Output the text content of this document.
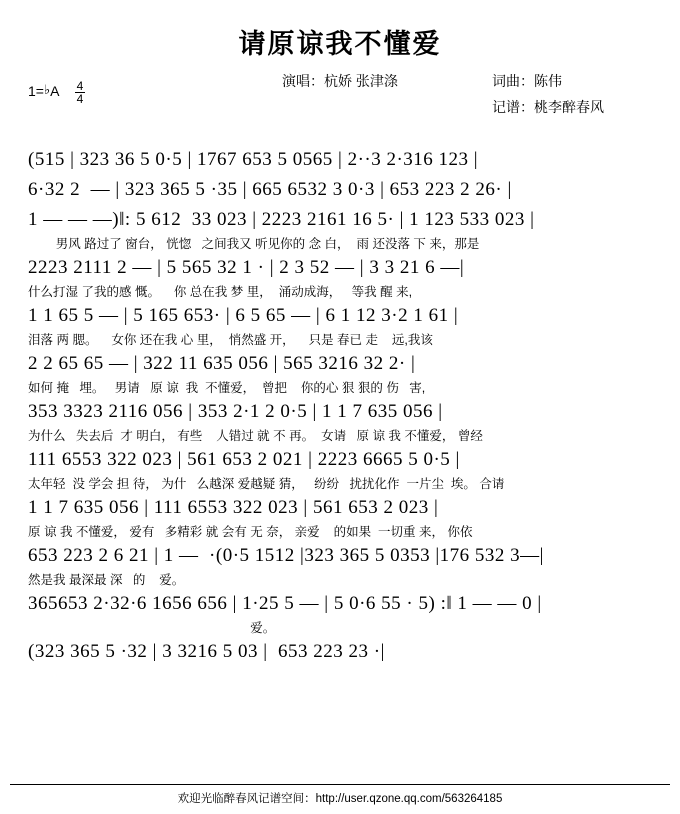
请原谅我不懂爱
演唱：杭娇 张津涤	词曲：陈伟
记谱：桃李醉春风
1=♭A $\frac{4}{4}$
(515 | 323 36 5 0·5 | 1767 653 5 0565 | 2··3 2·316 123 |
6·32 2  — | 323 365 5 ·35 | 665 6532 3 0·3 | 653 223 2 26· |
1 — — —)‖: 5 612  33 023 | 2223 2161 16 5· | 1 123 533 023 |
男风 路过了 窗台， 恍惚   之间我又 听见你的 念 白，  雨 还没落 下 来，那是
2223 2111 2 — | 5 565 32 1 · | 2 3 52 — | 3 3 21 6 —|
什么打湿 了我的感 慨。    你 总在我 梦 里，  涌动成海，   等我 醒 来,
1 1 65 5 — | 5 165 653· | 6 5 65 — | 6 1 12 3·2 1 61 |
泪落 两 腮。    女你 还在我 心 里，  悄然盛 开，    只是 春已 走    远,我该
2 2 65 65 — | 322 11 635 056 | 565 3216 32 2· |
如何 掩   埋。   男请   原 谅  我  不懂爱，  曾把    你的心 狠 狠的 伤   害,
353 3323 2116 056 | 353 2·1 2 0·5 | 1 1 7 635 056 |
为什么   失去后  才 明白， 有些    人错过 就 不 再。  女请   原 谅 我 不懂爱， 曾经
111 6553 322 023 | 561 653 2 021 | 2223 6665 5 0·5 |
太年轻  没 学会 担 待， 为什   么越深 爱越疑 猜，   纷纷   扰扰化作  一片尘  埃。 合请
1 1 7 635 056 | 111 6553 322 023 | 561 653 2 023 |
原 谅 我 不懂爱， 爱有   多精彩 就 会有 无 奈， 亲爱    的如果  一切重 来， 你依
653 223 2 6 21 | 1 —  ·(0·5 1512 |323 365 5 0353 |176 532 3—|
然是我 最深最 深   的    爱。
365653 2·32·6 1656 656 | 1·25 5 — | 5 0·6 55 · 5) :‖ 1 — — 0 |
爱。
(323 365 5 ·32 | 3 3216 5 03 |  653 223 23 ·|
欢迎光临醉春风记谱空间：http://user.qzone.qq.com/563264185
